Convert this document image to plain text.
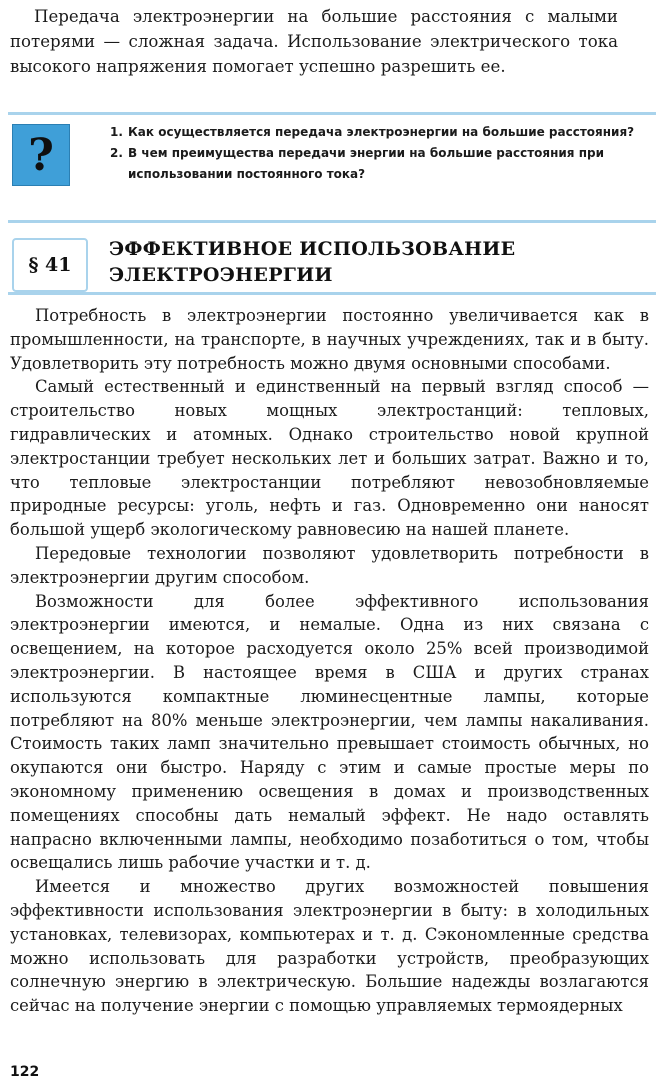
Передача электроэнергии на большие расстояния с малыми потерями — сложная задача. Использование электрического тока высокого напряжения помогает успешно разрешить ее.

?	1. Как осуществляется передача электроэнергии на большие расстояния?
2. В чем преимущества передачи энергии на большие расстояния при использовании постоянного тока?
§ 41
ЭФФЕКТИВНОЕ ИСПОЛЬЗОВАНИЕ
ЭЛЕКТРОЭНЕРГИИ

Потребность в электроэнергии постоянно увеличивается как в промышленности, на транспорте, в научных учреждениях, так и в быту. Удовлетворить эту потребность можно двумя основными способами.

Самый естественный и единственный на первый взгляд способ — строительство новых мощных электростанций: тепловых, гидравлических и атомных. Однако строительство новой крупной электростанции требует нескольких лет и больших затрат. Важно и то, что тепловые электростанции потребляют невозобновляемые природные ресурсы: уголь, нефть и газ. Одновременно они наносят большой ущерб экологическому равновесию на нашей планете.

Передовые технологии позволяют удовлетворить потребности в электроэнергии другим способом.

Возможности для более эффективного использования электроэнергии имеются, и немалые. Одна из них связана с освещением, на которое расходуется около 25% всей производимой электроэнергии. В настоящее время в США и других странах используются компактные люминесцентные лампы, которые потребляют на 80% меньше электроэнергии, чем лампы накаливания. Стоимость таких ламп значительно превышает стоимость обычных, но окупаются они быстро. Наряду с этим и самые простые меры по экономному применению освещения в домах и производственных помещениях способны дать немалый эффект. Не надо оставлять напрасно включенными лампы, необходимо позаботиться о том, чтобы освещались лишь рабочие участки и т. д.

Имеется и множество других возможностей повышения эффективности использования электроэнергии в быту: в холодильных установках, телевизорах, компьютерах и т. д. Сэкономленные средства можно использовать для разработки устройств, преобразующих солнечную энергию в электрическую. Большие надежды возлагаются сейчас на получение энергии с помощью управляемых термоядерных

122
